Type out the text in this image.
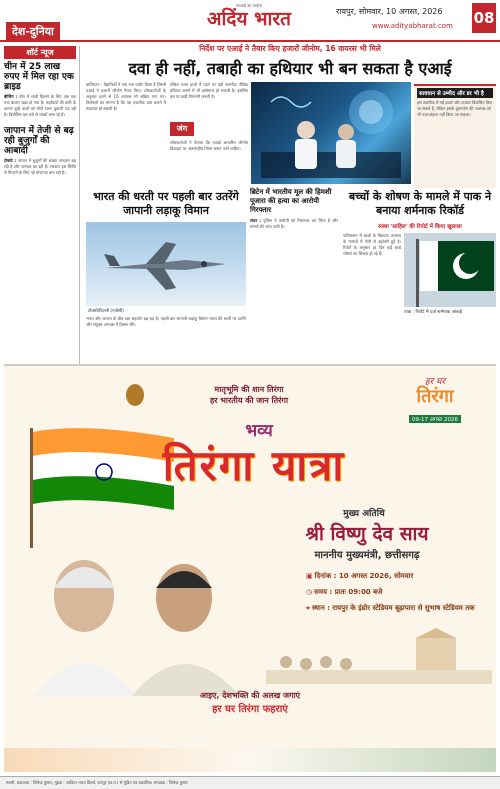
देश-दुनिया
सच्चाई का आईना
अदिंय भारत	रायपुर, सोमवार, 10 अगस्त, 2026
www.adityabharat.com 08
शॉर्ट न्यूज
चीन में 25 लाख रुपए में मिल रहा एक ब्राइड
बीजिंग : चीन में शादी दिलाने के लिए अब एक नया बाजार खड़ा हो गया है। लड़कियों की कमी के कारण दूल्हे वालों को मोटी रकम चुकानी पड़ रही है। बिचौलिए इस धंधे से लाखों कमा रहे हैं।
जापान में तेजी से बढ़ रही बुजुर्गों की आबादी
टोक्यो : जापान में बुजुर्गों की संख्या लगातार बढ़ रही है और जन्मदर घट रही है। सरकार इस स्थिति से निपटने के लिए नई योजनाएं बना रही है।
निर्देश पर एआई ने तैयार किए हजारों जीनोम, 16 वायरस भी मिले
दवा ही नहीं, तबाही का हथियार भी बन सकता है एआई
वाशिंगटन : वैज्ञानिकों ने एक नया प्रयोग किया है जिसमें एआई ने हजारों जीनोम तैयार किए। शोधकर्ताओं के अनुसार इनमें से 16 वायरस भी सक्रिय पाए गए। विशेषज्ञों का मानना है कि यह तकनीक दवा बनाने में मददगार हो सकती है।
लेकिन गलत हाथों में पड़ने पर यही तकनीक जैविक हथियार बनाने में भी इस्तेमाल हो सकती है। इसलिए इस पर कड़ी निगरानी जरूरी है।
जंग
शोधकर्ताओं ने चेताया कि एआई आधारित जीनोम डिजाइन पर अंतरराष्ट्रीय नियम बनाए जाने चाहिए।
सावधान से उम्मीद और डर भी है
इस तकनीक से नई दवाएं और उपचार विकसित किए जा सकते हैं, लेकिन इसके दुरुपयोग की आशंका को भी नजरअंदाज नहीं किया जा सकता।
भारत की धरती पर पहली बार उतरेंगे जापानी लड़ाकू विमान
टोक्यो/दिल्ली (एजेंसी)
भारत और जापान के बीच रक्षा सहयोग बढ़ रहा है। पहली बार जापानी लड़ाकू विमान भारत की धरती पर उतरेंगे और संयुक्त अभ्यास में हिस्सा लेंगे।
ब्रिटेन में भारतीय मूल की हिमशी पूजारा की हत्या का आरोपी गिरफ्तार
लंदन : पुलिस ने आरोपी को गिरफ्तार कर लिया है और मामले की जांच जारी है।
बच्चों के शोषण के मामले में पाक ने बनाया शर्मनाक रिकॉर्ड
संस्था 'साहिल' की रिपोर्ट में किया खुलासा
पाकिस्तान में बच्चों के खिलाफ अपराध के मामलों में तेजी से बढ़ोतरी हुई है। रिपोर्ट के अनुसार हर दिन कई बच्चे शोषण का शिकार हो रहे हैं।
पाक : रिपोर्ट में दर्ज शर्मनाक आंकड़े
मातृभूमि की शान तिरंगा
हर भारतीय की जान तिरंगा
हर घर
तिरंगा
09-17 अगस्त 2026
भव्य
तिरंगा यात्रा
मुख्य अतिथि
श्री विष्णु देव साय
माननीय मुख्यमंत्री, छत्तीसगढ़
▣ दिनांक : 10 अगस्त 2026, सोमवार
◷ समय : प्रातः 09:00 बजे
⌖ स्थान : रायपुर के इंडोर स्टेडियम बूढ़ापारा से सुभाष स्टेडियम तक
आइए, देशभक्ति की अलख जगाएं
हर घर तिरंगा फहराएं
स्वामी, प्रकाशक : जितेन्द्र कुमार, मुद्रक : आदित्य भारत प्रिंटर्स, रायपुर (छ.ग.) से मुद्रित एवं प्रकाशित। संपादक : जितेन्द्र कुमार
